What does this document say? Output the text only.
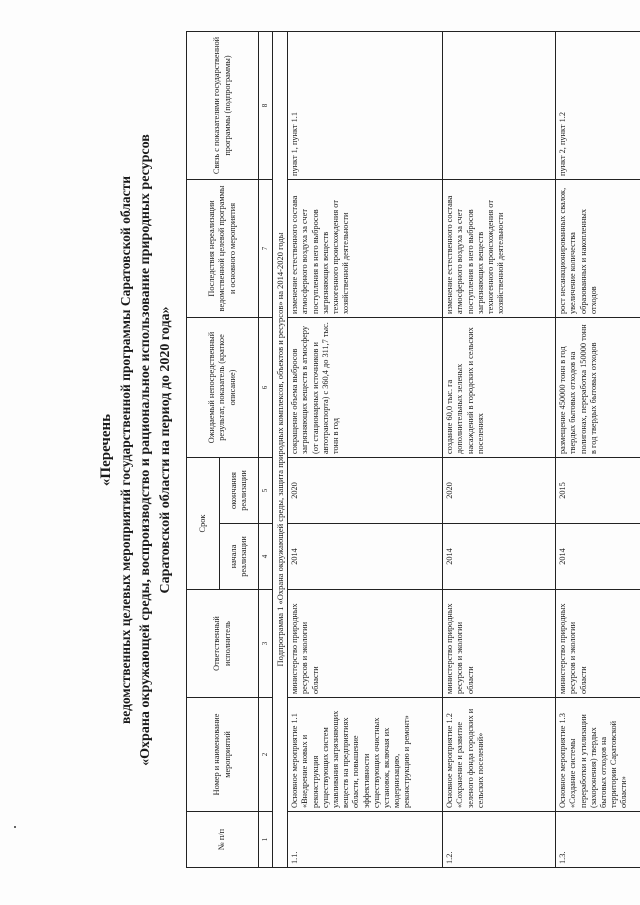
«Перечень ведомственных целевых мероприятий государственной программы Саратовской области «Охрана окружающей среды, воспроизводство и рациональное использование природных ресурсов Саратовской области на период до 2020 года»
№ п/п	Номер и наименование мероприятий	Ответственный исполнитель	Срок		Ожидаемый непосредственный результат, показатель (краткое описание)	Последствия нереализации ведомственной целевой программы и основного мероприятия	Связь с показателями государственной программы (подпрограммы)
			начала реализации	окончания реализации			
1	2	3	4	5	6	7	8
Подпрограмма 1 «Охрана окружающей среды, защита природных комплексов, объектов и ресурсов» на 2014-2020 годы							
1.1.	Основное мероприятие 1.1 «Внедрение новых и реконструкция существующих систем улавливания загрязняющих веществ на предприятиях области, повышение эффективности существующих очистных установок, включая их модернизацию, реконструкцию и ремонт»	министерство природных ресурсов и экологии области	2014	2020	сокращение объема выбросов загрязняющих веществ в атмосферу (от стационарных источников и автотранспорта) с 360,4 до 311,7 тыс. тонн в год	изменение естественного состава атмосферного воздуха за счет поступления в него выбросов загрязняющих веществ техногенного происхождения от хозяйственной деятельности	пункт 1, пункт 1.1
1.2.	Основное мероприятие 1.2 «Сохранение и развитие зеленого фонда городских и сельских поселений»	министерство природных ресурсов и экологии области	2014	2020	создание 60,0 тыс. га дополнительных зеленых насаждений в городских и сельских поселениях	изменение естественного состава атмосферного воздуха за счет поступления в него выбросов загрязняющих веществ техногенного происхождения от хозяйственной деятельности	
1.3.	Основное мероприятие 1.3 «Создание системы переработки и утилизации (захоронения) твердых бытовых отходов на территории Саратовской области»	министерство природных ресурсов и экологии области	2014	2015	размещение 450000 тонн в год твердых бытовых отходов на полигонах, переработка 150000 тонн в год твердых бытовых отходов	рост несанкционированных свалок, увеличение количества образованных и накопленных отходов	пункт 2, пункт 1.2
